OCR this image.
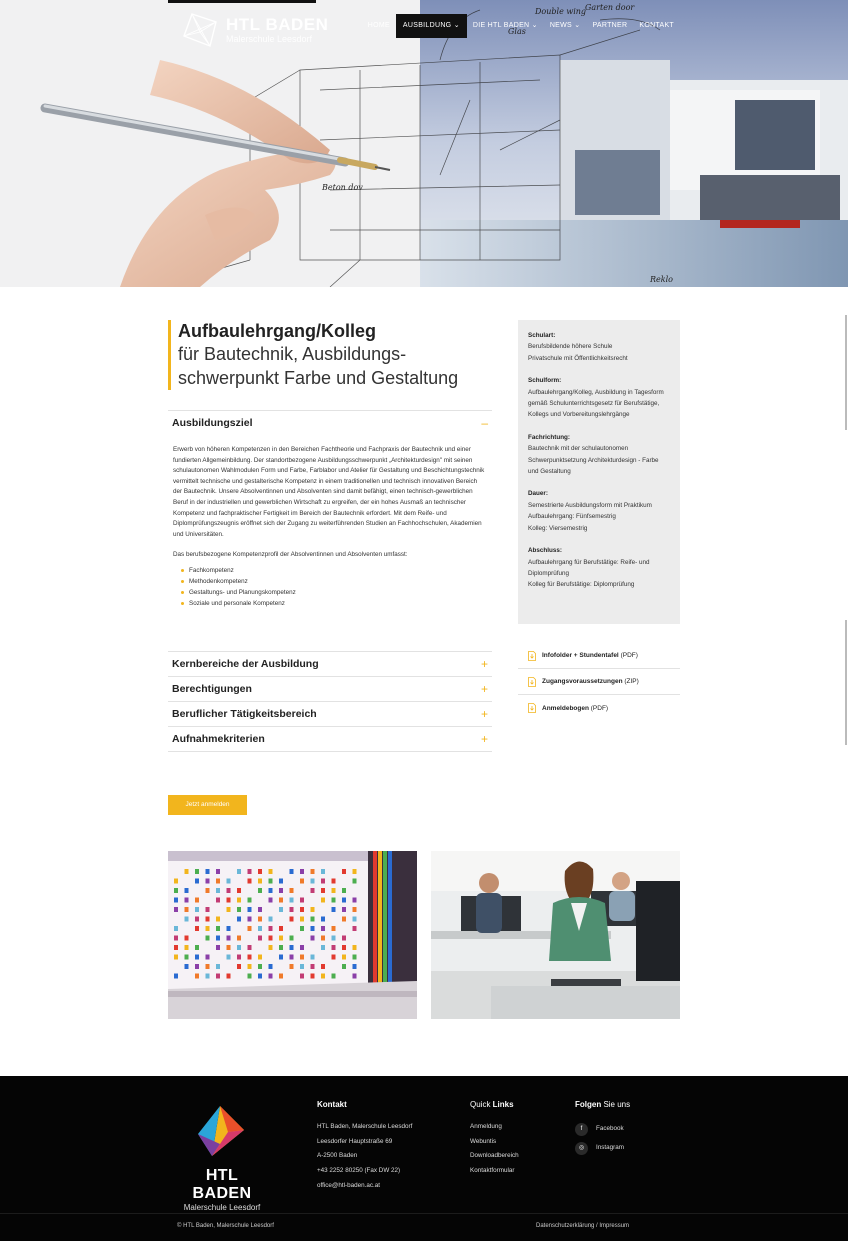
Double wing
Glas
Garten door
Beton dov
Reklo
HTL BADEN
Malerschule Leesdorf
HOME	AUSBILDUNG ⌄	DIE HTL BADEN ⌄	NEWS ⌄	PARTNER	KONTAKT
Aufbaulehrgang/Kolleg
für Bautechnik, Ausbildungs-
schwerpunkt Farbe und Gestaltung
Ausbildungsziel	–

Erwerb von höheren Kompetenzen in den Bereichen Fachtheorie und Fachpraxis der Bautechnik und einer fundierten Allgemeinbildung. Der standortbezogene Ausbildungsschwerpunkt „Architekturdesign" mit seinen schulautonomen Wahlmodulen Form und Farbe, Farblabor und Atelier für Gestaltung und Beschichtungstechnik vermittelt technische und gestalterische Kompetenz in einem traditionellen und technisch innovativen Bereich der Bautechnik. Unsere Absolventinnen und Absolventen sind damit befähigt, einen technisch-gewerblichen Beruf in der industriellen und gewerblichen Wirtschaft zu ergreifen, der ein hohes Ausmaß an technischer Kompetenz und fachpraktischer Fertigkeit im Bereich der Bautechnik erfordert. Mit dem Reife- und Diplomprüfungszeugnis eröffnet sich der Zugang zu weiterführenden Studien an Fachhochschulen, Akademien und Universitäten.

Das berufsbezogene Kompetenzprofil der Absolventinnen und Absolventen umfasst:

Fachkompetenz
Methodenkompetenz
Gestaltungs- und Planungskompetenz
Soziale und personale Kompetenz
Kernbereiche der Ausbildung	+
Berechtigungen	+
Beruflicher Tätigkeitsbereich	+
Aufnahmekriterien	+
Jetzt anmelden
Schulart:
Berufsbildende höhere Schule
Privatschule mit Öffentlichkeitsrecht
Schulform:
Aufbaulehrgang/Kolleg, Ausbildung in Tagesform gemäß Schulunterrichtsgesetz für Berufstätige, Kollegs und Vorbereitungslehrgänge
Fachrichtung:
Bautechnik mit der schulautonomen Schwerpunktsetzung Architekturdesign - Farbe und Gestaltung
Dauer:
Semestrierte Ausbildungsform mit Praktikum
Aufbaulehrgang: Fünfsemestrig
Kolleg: Viersemestrig
Abschluss:
Aufbaulehrgang für Berufstätige: Reife- und Diplomprüfung
Kolleg für Berufstätige: Diplomprüfung
Infofolder + Stundentafel (PDF)
Zugangsvoraussetzungen (ZIP)
Anmeldebogen (PDF)
HTL BADEN
Malerschule Leesdorf
Kontakt
HTL Baden, Malerschule Leesdorf
Leesdorfer Hauptstraße 69
A-2500 Baden
+43 2252 80250 (Fax DW 22)
office@htl-baden.ac.at
Quick Links
Anmeldung
Webuntis
Downloadbereich
Kontaktformular
Folgen Sie uns
f	Facebook
◎	Instagram
© HTL Baden, Malerschule Leesdorf	Datenschutzerklärung / Impressum
